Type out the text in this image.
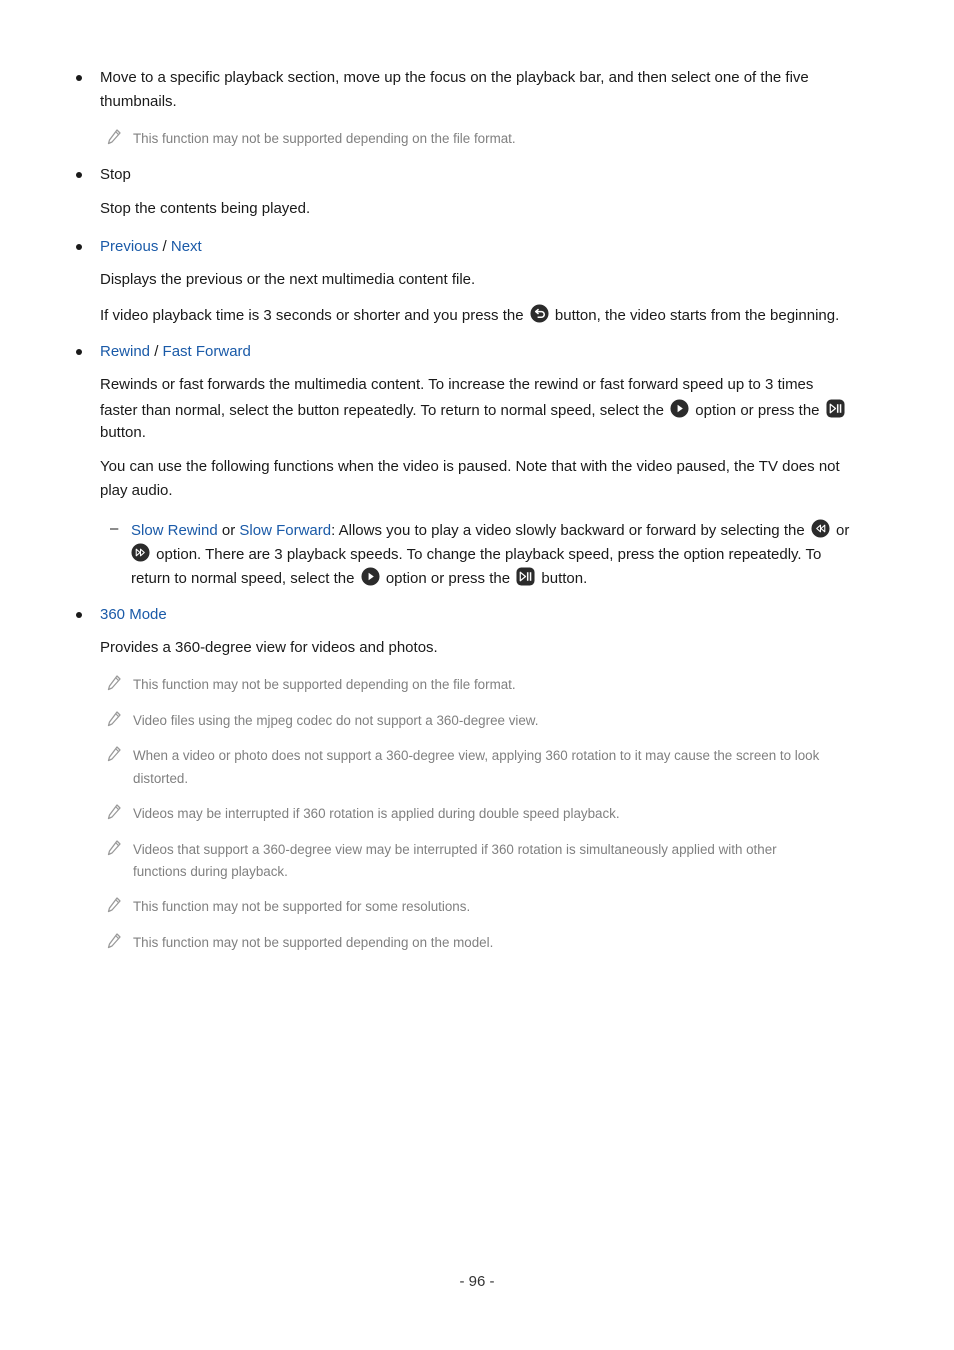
Move to a specific playback section, move up the focus on the playback bar, and then select one of the five
thumbnails.
This function may not be supported depending on the file format.
Stop
Stop the contents being played.
Previous / Next
Displays the previous or the next multimedia content file.
If video playback time is 3 seconds or shorter and you press the button, the video starts from the beginning.
Rewind / Fast Forward
Rewinds or fast forwards the multimedia content. To increase the rewind or fast forward speed up to 3 times
faster than normal, select the button repeatedly. To return to normal speed, select the option or press the
button.
You can use the following functions when the video is paused. Note that with the video paused, the TV does not
play audio.
– Slow Rewind or Slow Forward: Allows you to play a video slowly backward or forward by selecting the or
option. There are 3 playback speeds. To change the playback speed, press the option repeatedly. To
return to normal speed, select the option or press the button.
360 Mode
Provides a 360-degree view for videos and photos.
This function may not be supported depending on the file format.
Video files using the mjpeg codec do not support a 360-degree view.
When a video or photo does not support a 360-degree view, applying 360 rotation to it may cause the screen to look
distorted.
Videos may be interrupted if 360 rotation is applied during double speed playback.
Videos that support a 360-degree view may be interrupted if 360 rotation is simultaneously applied with other
functions during playback.
This function may not be supported for some resolutions.
This function may not be supported depending on the model.
- 96 -
